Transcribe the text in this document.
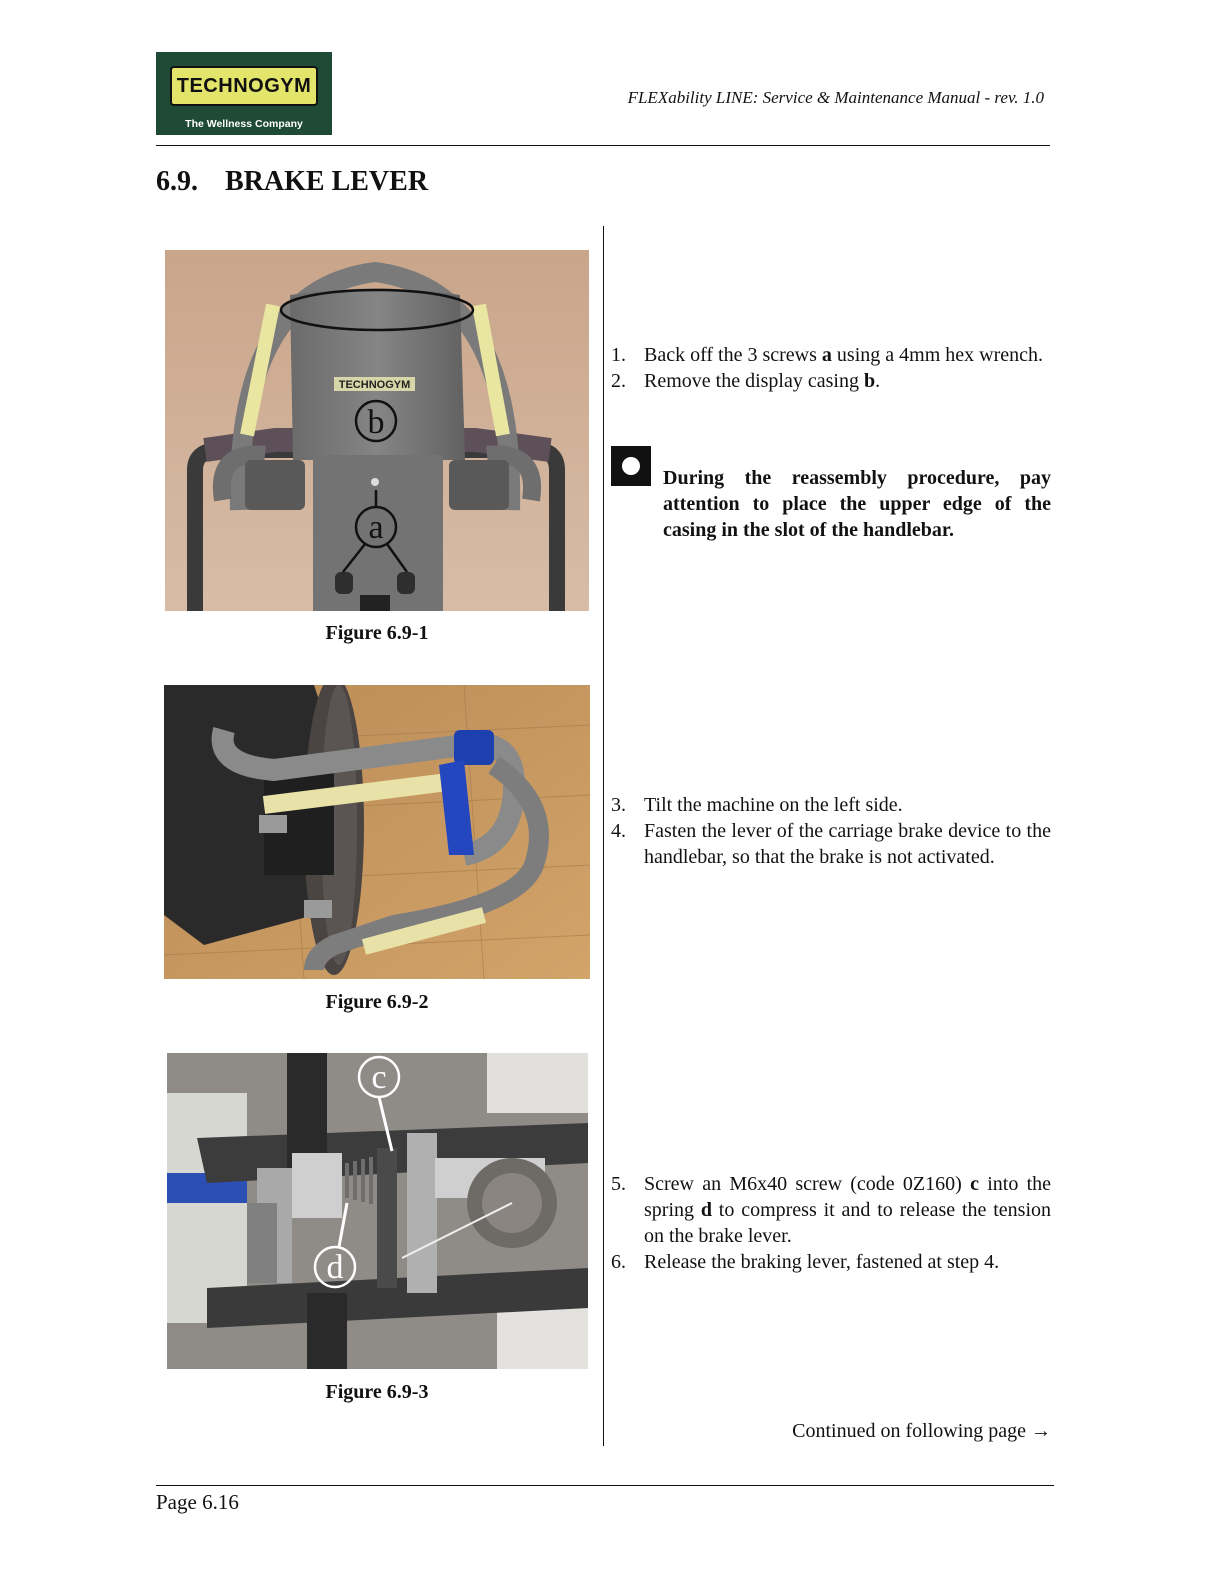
TECHNOGYM
The Wellness Company
FLEXability LINE: Service & Maintenance Manual - rev. 1.0
6.9. BRAKE LEVER
TECHNOGYM
b
a
Figure 6.9-1
Figure 6.9-2
c
d
Figure 6.9-3
1. Back off the 3 screws a using a 4mm hex wrench.
2. Remove the display casing b.
During the reassembly procedure, pay attention to place the upper edge of the casing in the slot of the handlebar.
3. Tilt the machine on the left side.
4. Fasten the lever of the carriage brake device to the handlebar, so that the brake is not activated.
5. Screw an M6x40 screw (code 0Z160) c into the spring d to compress it and to release the tension on the brake lever.
6. Release the braking lever, fastened at step 4.
Continued on following page →
Page 6.16
